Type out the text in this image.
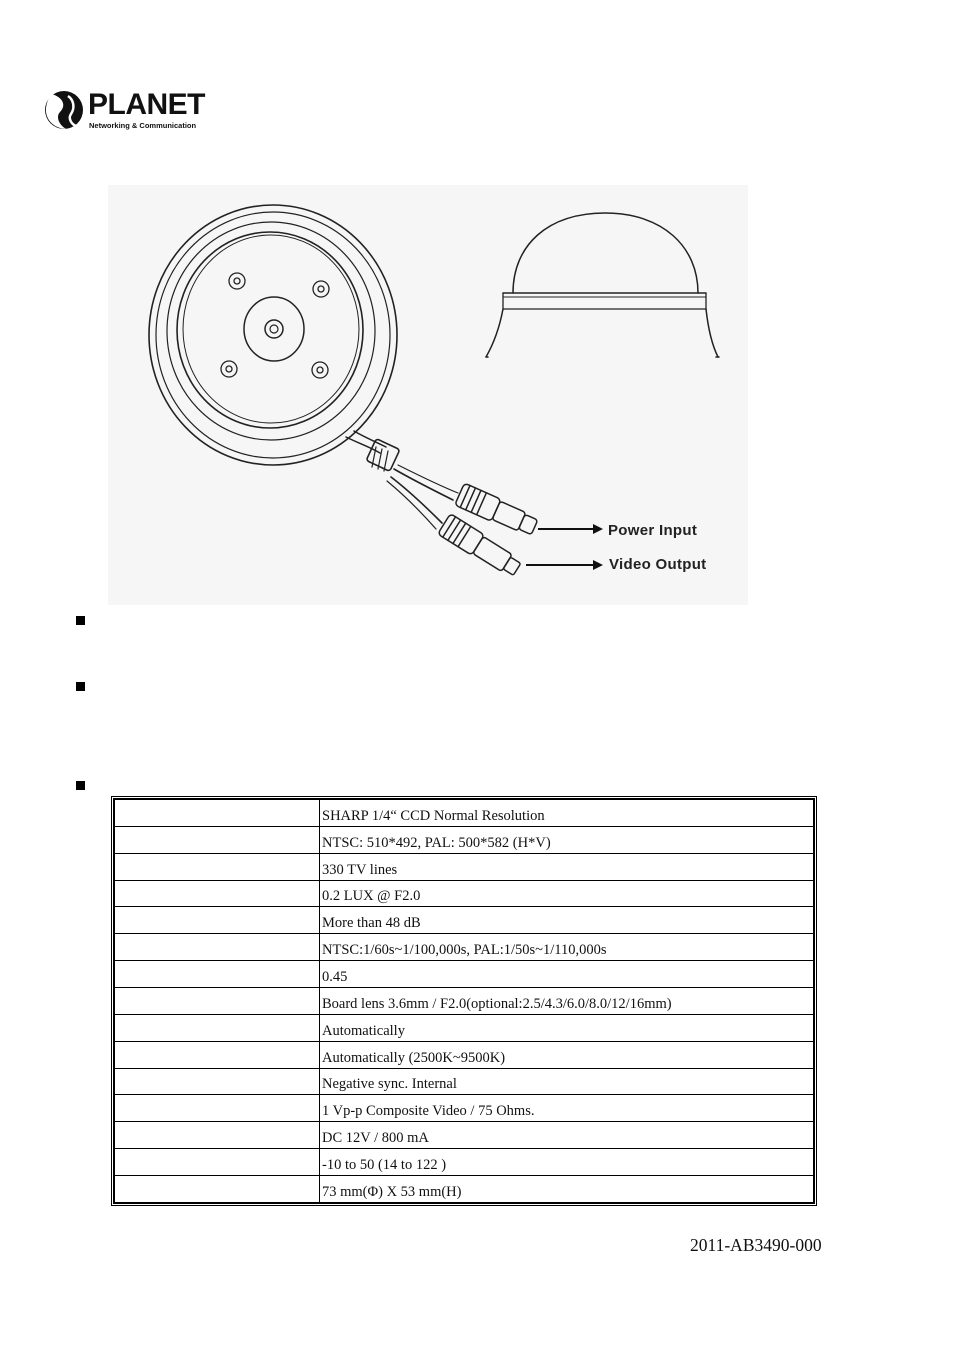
PLANET
Networking & Communication
Power Input
Video Output
	SHARP 1/4“ CCD Normal Resolution
	NTSC: 510*492, PAL: 500*582 (H*V)
	330 TV lines
	0.2 LUX @ F2.0
	More than 48 dB
	NTSC:1/60s~1/100,000s, PAL:1/50s~1/110,000s
	0.45
	Board lens 3.6mm / F2.0(optional:2.5/4.3/6.0/8.0/12/16mm)
	Automatically
	Automatically (2500K~9500K)
	Negative sync. Internal
	1 Vp-p Composite Video / 75 Ohms.
	DC 12V / 800 mA
	-10 to 50 (14 to 122 )
	73 mm(Φ) X 53 mm(H)
2011-AB3490-000
